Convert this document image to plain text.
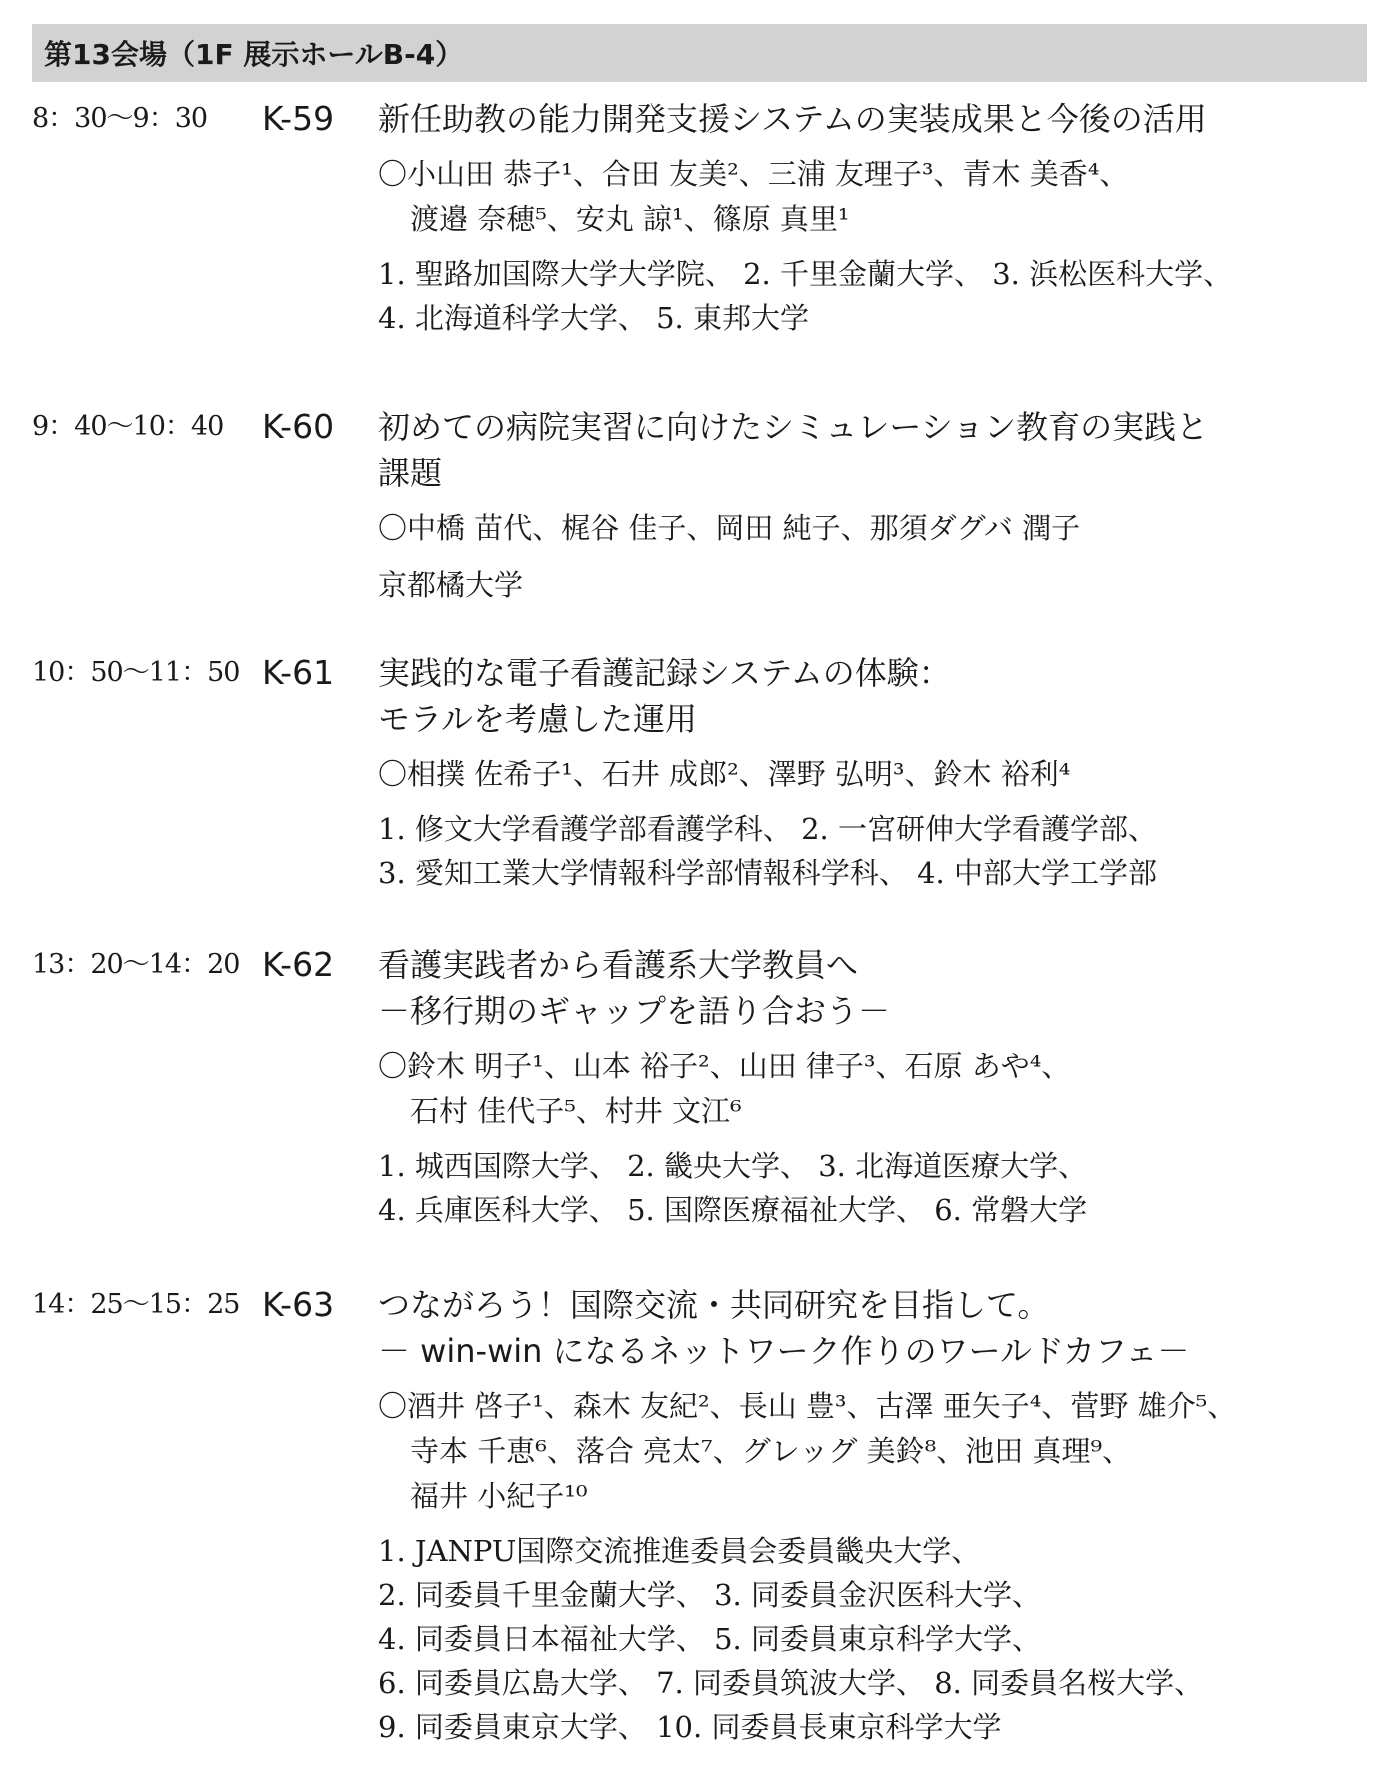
第13会場（1F 展示ホールB-4）
8：30～9：30	K-59	新任助教の能力開発支援システムの実装成果と今後の活用
〇小山田 恭子¹、合田 友美²、三浦 友理子³、青木 美香⁴、
渡邉 奈穂⁵、安丸 諒¹、篠原 真里¹
1. 聖路加国際大学大学院、 2. 千里金蘭大学、 3. 浜松医科大学、
4. 北海道科学大学、 5. 東邦大学
9：40～10：40	K-60	初めての病院実習に向けたシミュレーション教育の実践と
課題
〇中橋 苗代、梶谷 佳子、岡田 純子、那須ダグバ 潤子
京都橘大学
10：50～11：50 K-61	実践的な電子看護記録システムの体験：
モラルを考慮した運用
〇相撲 佐希子¹、石井 成郎²、澤野 弘明³、鈴木 裕利⁴
1. 修文大学看護学部看護学科、 2. 一宮研伸大学看護学部、
3. 愛知工業大学情報科学部情報科学科、 4. 中部大学工学部
13：20～14：20 K-62	看護実践者から看護系大学教員へ
－移行期のギャップを語り合おう－
〇鈴木 明子¹、山本 裕子²、山田 律子³、石原 あや⁴、
石村 佳代子⁵、村井 文江⁶
1. 城西国際大学、 2. 畿央大学、 3. 北海道医療大学、
4. 兵庫医科大学、 5. 国際医療福祉大学、 6. 常磐大学
14：25～15：25 K-63	つながろう！国際交流・共同研究を目指して。
－ win-win になるネットワーク作りのワールドカフェ－
〇酒井 啓子¹、森木 友紀²、長山 豊³、古澤 亜矢子⁴、菅野 雄介⁵、
寺本 千恵⁶、落合 亮太⁷、グレッグ 美鈴⁸、池田 真理⁹、
福井 小紀子¹⁰
1. JANPU国際交流推進委員会委員畿央大学、
2. 同委員千里金蘭大学、 3. 同委員金沢医科大学、
4. 同委員日本福祉大学、 5. 同委員東京科学大学、
6. 同委員広島大学、 7. 同委員筑波大学、 8. 同委員名桜大学、
9. 同委員東京大学、 10. 同委員長東京科学大学
